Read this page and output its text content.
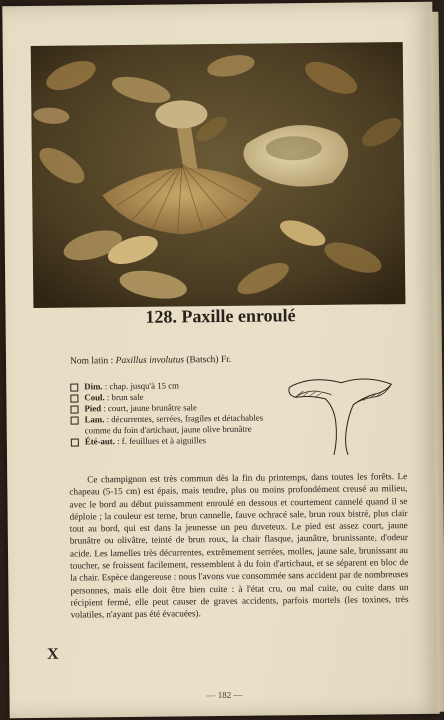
128. Paxille enroulé
Nom latin : Paxillus involutus (Batsch) Fr.
Dim. : chap. jusqu'à 15 cm
Coul. : brun sale
Pied : court, jaune brunâtre sale
Lam. : décurrentes, serrées, fragiles et détachables comme du foin d'artichaut, jaune olive brunâtre
Été-aut. : f. feuillues et à aiguilles
Ce champignon est très commun dès la fin du printemps, dans toutes les forêts. Le chapeau (5-15 cm) est épais, mais tendre, plus ou moins profondément creusé au milieu, avec le bord au début puissamment enroulé en dessous et courtement cannelé quand il se déploie ; la couleur est terne, brun cannelle, fauve ochracé sale, brun roux bistré, plus clair tout au bord, qui est dans la jeunesse un peu duveteux. Le pied est assez court, jaune brunâtre ou olivâtre, teinté de brun roux, la chair flasque, jaunâtre, brunissante, d'odeur acide. Les lamelles très décurrentes, extrêmement serrées, molles, jaune sale, brunissant au toucher, se froissent facilement, ressemblent à du foin d'artichaut, et se séparent en bloc de la chair. Espèce dangereuse : nous l'avons vue consommée sans accident par de nombreuses personnes, mais elle doit être bien cuite : à l'état cru, ou mal cuite, ou cuite dans un récipient fermé, elle peut causer de graves accidents, parfois mortels (les toxines, très volatiles, n'ayant pas été évacuées).
X
— 182 —
